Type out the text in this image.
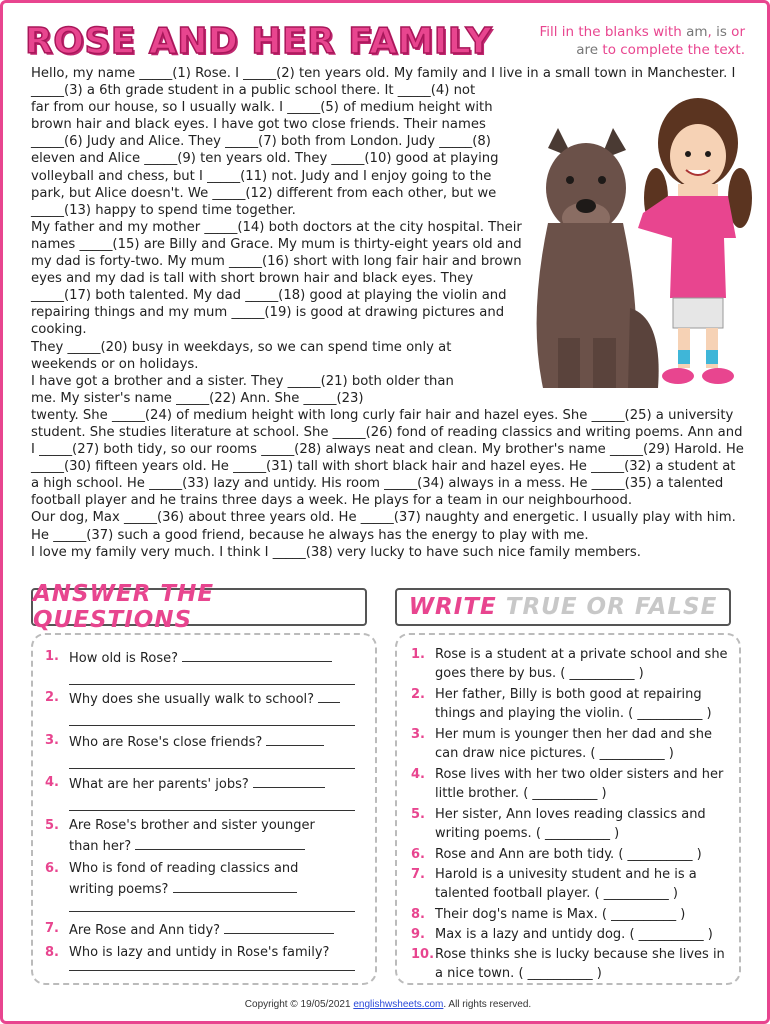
ROSE AND HER FAMILY	Fill in the blanks with am, is or are to complete the text.
Hello, my name _____(1) Rose. I _____(2) ten years old. My family and I live in a small town in Manchester. I _____(3) a 6th grade student in a public school there. It _____(4) not
far from our house, so I usually walk. I _____(5) of medium height with brown hair and black eyes. I have got two close friends. Their names _____(6) Judy and Alice. They _____(7) both from London. Judy _____(8) eleven and Alice _____(9) ten years old. They _____(10) good at playing volleyball and chess, but I _____(11) not. Judy and I enjoy going to the park, but Alice doesn't. We _____(12) different from each other, but we _____(13) happy to spend time together.
My father and my mother _____(14) both doctors at the city hospital. Their names _____(15) are Billy and Grace. My mum is thirty-eight years old and my dad is forty-two. My mum _____(16) short with long fair hair and brown eyes and my dad is tall with short brown hair and black eyes. They _____(17) both talented. My dad _____(18) good at playing the violin and repairing things and my mum _____(19) is good at drawing pictures and cooking.
They _____(20) busy in weekdays, so we can spend time only at weekends or on holidays.
I have got a brother and a sister. They _____(21) both older than me. My sister's name _____(22) Ann. She _____(23)
twenty. She _____(24) of medium height with long curly fair hair and hazel eyes. She _____(25) a university student. She studies literature at school. She _____(26) fond of reading classics and writing poems. Ann and I _____(27) both tidy, so our rooms _____(28) always neat and clean. My brother's name _____(29) Harold. He _____(30) fifteen years old. He _____(31) tall with short black hair and hazel eyes. He _____(32) a student at a high school. He _____(33) lazy and untidy. His room _____(34) always in a mess. He _____(35) a talented football player and he trains three days a week. He plays for a team in our neighbourhood.
Our dog, Max _____(36) about three years old. He _____(37) naughty and energetic. I usually play with him. He _____(37) such a good friend, because he always has the energy to play with me.
I love my family very much. I think I _____(38) very lucky to have such nice family members.
ANSWER THE QUESTIONS	WRITE
TRUE OR FALSE
1. How old is Rose?
2. Why does she usually walk to school?
3. Who are Rose's close friends?
4. What are her parents' jobs?
5. Are Rose's brother and sister younger than her?
6. Who is fond of reading classics and writing poems?
7. Are Rose and Ann tidy?
8. Who is lazy and untidy in Rose's family?
1. Rose is a student at a private school and she goes there by bus. ( __________ )
2. Her father, Billy is both good at repairing things and playing the violin. ( __________ )
3. Her mum is younger then her dad and she can draw nice pictures. ( __________ )
4. Rose lives with her two older sisters and her little brother. ( __________ )
5. Her sister, Ann loves reading classics and writing poems. ( __________ )
6. Rose and Ann are both tidy. ( __________ )
7. Harold is a univesity student and he is a talented football player. ( __________ )
8. Their dog's name is Max. ( __________ )
9. Max is a lazy and untidy dog. ( __________ )
10. Rose thinks she is lucky because she lives in a nice town. ( __________ )
Copyright © 19/05/2021 englishwsheets.com. All rights reserved.
